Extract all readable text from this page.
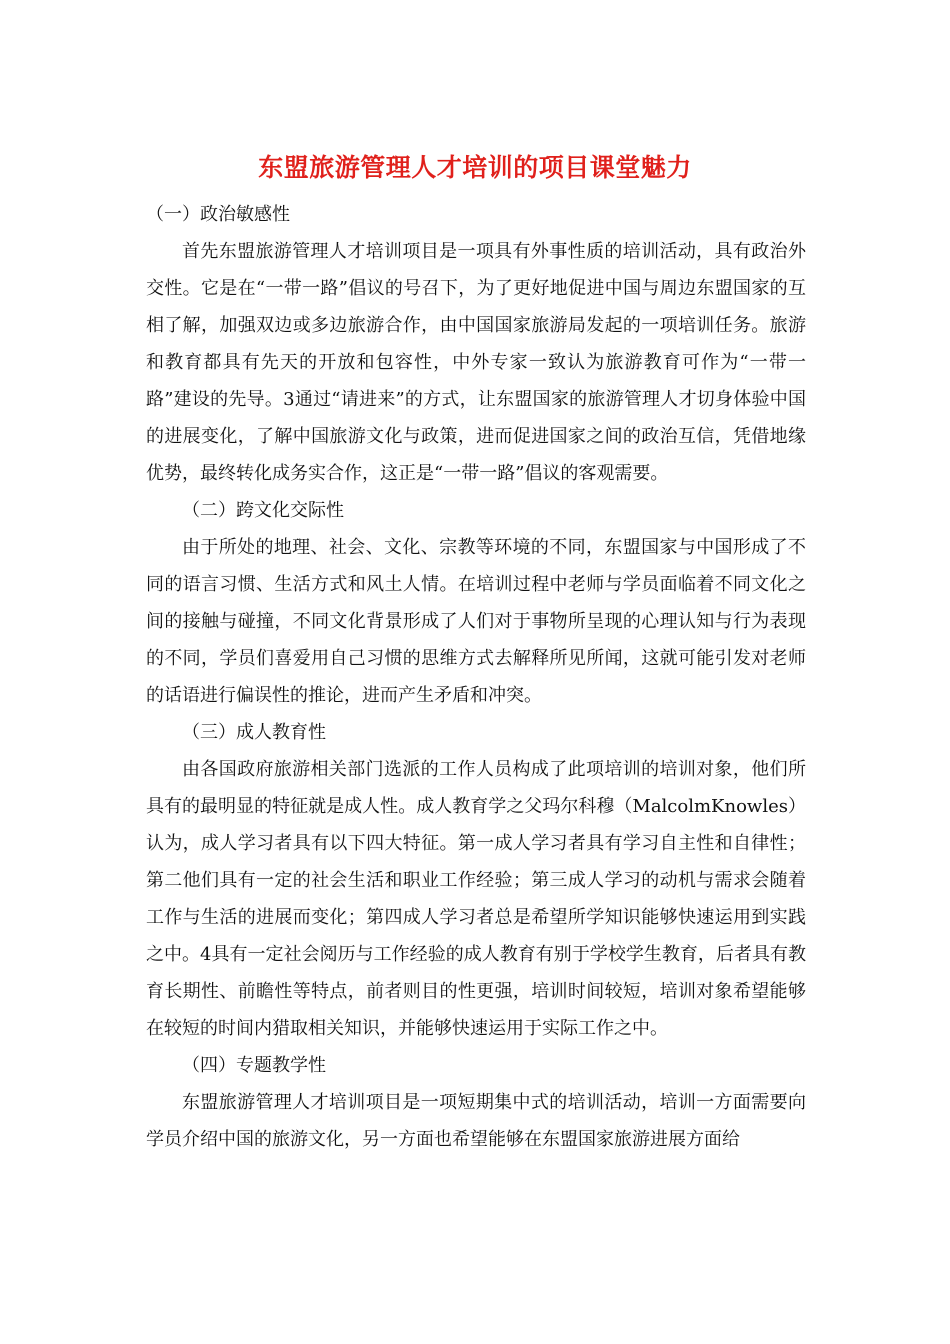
东盟旅游管理人才培训的项目课堂魅力

（一）政治敏感性

首先东盟旅游管理人才培训项目是一项具有外事性质的培训活动，具有政治外交性。它是在“一带一路”倡议的号召下，为了更好地促进中国与周边东盟国家的互相了解，加强双边或多边旅游合作，由中国国家旅游局发起的一项培训任务。旅游和教育都具有先天的开放和包容性，中外专家一致认为旅游教育可作为“一带一路”建设的先导。3通过“请进来”的方式，让东盟国家的旅游管理人才切身体验中国的进展变化，了解中国旅游文化与政策，进而促进国家之间的政治互信，凭借地缘优势，最终转化成务实合作，这正是“一带一路”倡议的客观需要。

（二）跨文化交际性

由于所处的地理、社会、文化、宗教等环境的不同，东盟国家与中国形成了不同的语言习惯、生活方式和风土人情。在培训过程中老师与学员面临着不同文化之间的接触与碰撞，不同文化背景形成了人们对于事物所呈现的心理认知与行为表现的不同，学员们喜爱用自己习惯的思维方式去解释所见所闻，这就可能引发对老师的话语进行偏误性的推论，进而产生矛盾和冲突。

（三）成人教育性

由各国政府旅游相关部门选派的工作人员构成了此项培训的培训对象，他们所具有的最明显的特征就是成人性。成人教育学之父玛尔科穆（MalcolmKnowles）认为，成人学习者具有以下四大特征。第一成人学习者具有学习自主性和自律性；第二他们具有一定的社会生活和职业工作经验；第三成人学习的动机与需求会随着工作与生活的进展而变化；第四成人学习者总是希望所学知识能够快速运用到实践之中。4具有一定社会阅历与工作经验的成人教育有别于学校学生教育，后者具有教育长期性、前瞻性等特点，前者则目的性更强，培训时间较短，培训对象希望能够在较短的时间内猎取相关知识，并能够快速运用于实际工作之中。

（四）专题教学性

东盟旅游管理人才培训项目是一项短期集中式的培训活动，培训一方面需要向学员介绍中国的旅游文化，另一方面也希望能够在东盟国家旅游进展方面给
